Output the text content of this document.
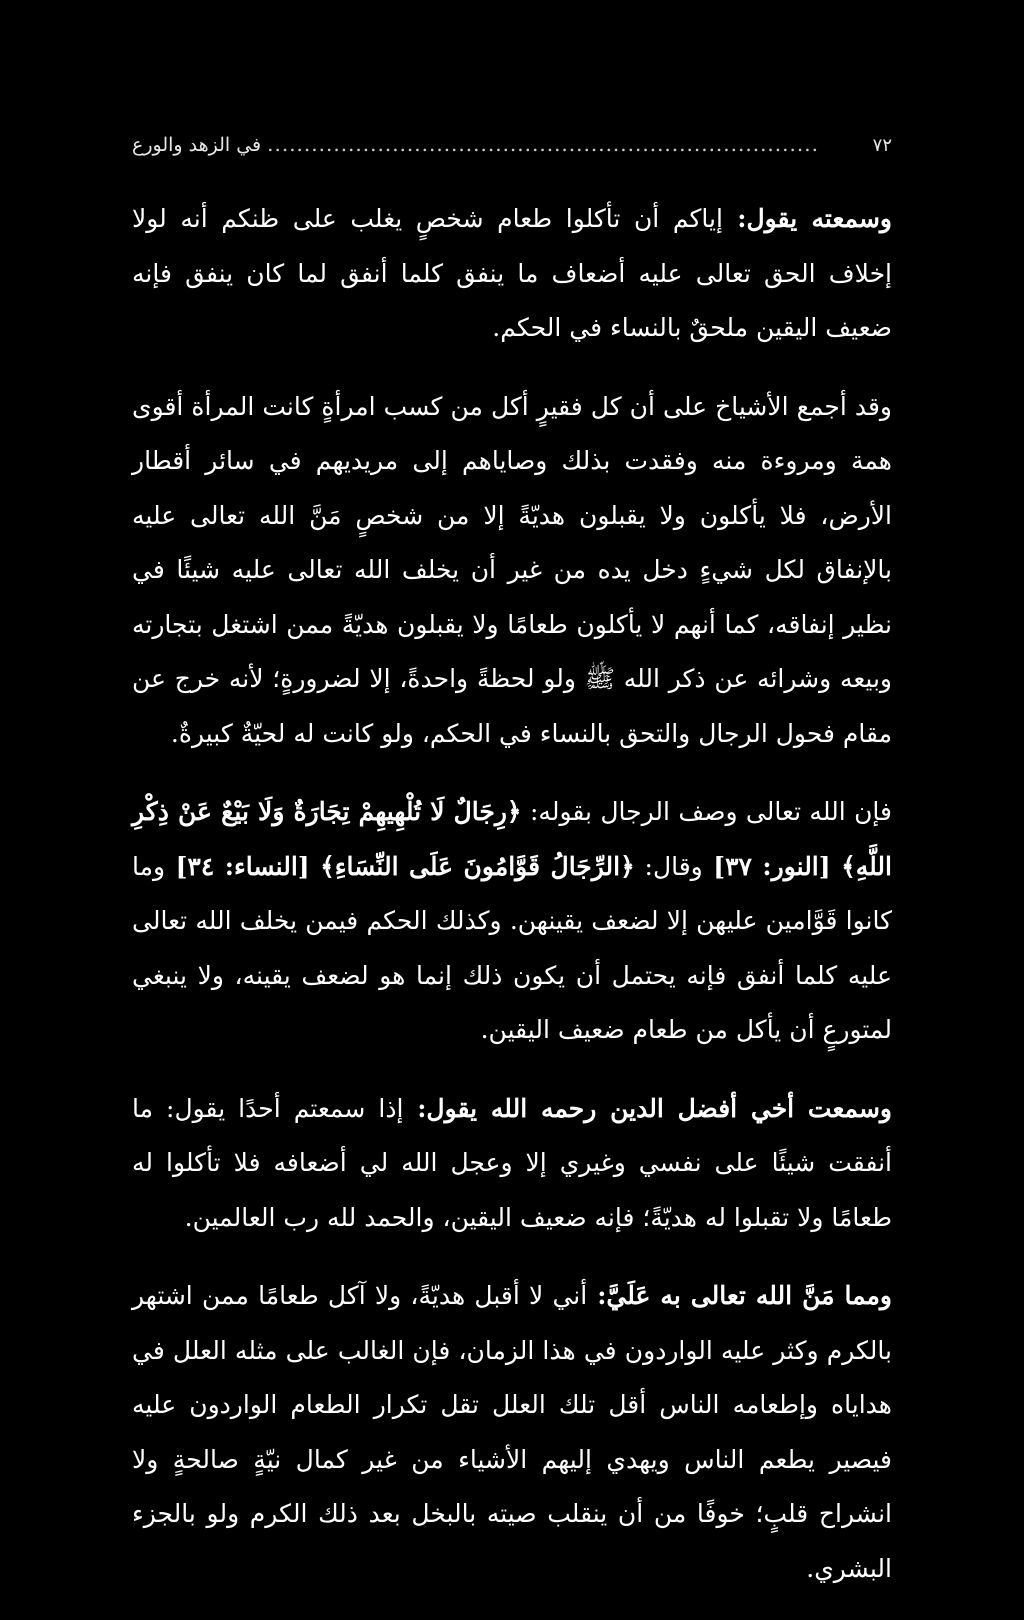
٧٢
...........................................................................
في الزهد والورع

وسمعته يقول: إياكم أن تأكلوا طعام شخصٍ يغلب على ظنكم أنه لولا إخلاف الحق تعالى عليه أضعاف ما ينفق كلما أنفق لما كان ينفق فإنه ضعيف اليقين ملحقٌ بالنساء في الحكم.

وقد أجمع الأشياخ على أن كل فقيرٍ أكل من كسب امرأةٍ كانت المرأة أقوى همة ومروءة منه وفقدت بذلك وصاياهم إلى مريديهم في سائر أقطار الأرض، فلا يأكلون ولا يقبلون هديّةً إلا من شخصٍ مَنَّ الله تعالى عليه بالإنفاق لكل شيءٍ دخل يده من غير أن يخلف الله تعالى عليه شيئًا في نظير إنفاقه، كما أنهم لا يأكلون طعامًا ولا يقبلون هديّةً ممن اشتغل بتجارته وبيعه وشرائه عن ذكر الله ﷺ ولو لحظةً واحدةً، إلا لضرورةٍ؛ لأنه خرج عن مقام فحول الرجال والتحق بالنساء في الحكم، ولو كانت له لحيّةٌ كبيرةٌ.

فإن الله تعالى وصف الرجال بقوله: ﴿رِجَالٌ لَا تُلْهِيهِمْ تِجَارَةٌ وَلَا بَيْعٌ عَنْ ذِكْرِ اللَّهِ﴾ [النور: ٣٧] وقال: ﴿الرِّجَالُ قَوَّامُونَ عَلَى النِّسَاءِ﴾ [النساء: ٣٤] وما كانوا قَوَّامين عليهن إلا لضعف يقينهن. وكذلك الحكم فيمن يخلف الله تعالى عليه كلما أنفق فإنه يحتمل أن يكون ذلك إنما هو لضعف يقينه، ولا ينبغي لمتورعٍ أن يأكل من طعام ضعيف اليقين.

وسمعت أخي أفضل الدين رحمه الله يقول: إذا سمعتم أحدًا يقول: ما أنفقت شيئًا على نفسي وغيري إلا وعجل الله لي أضعافه فلا تأكلوا له طعامًا ولا تقبلوا له هديّةً؛ فإنه ضعيف اليقين، والحمد لله رب العالمين.

ومما مَنَّ الله تعالى به عَلَيَّ: أني لا أقبل هديّةً، ولا آكل طعامًا ممن اشتهر بالكرم وكثر عليه الواردون في هذا الزمان، فإن الغالب على مثله العلل في هداياه وإطعامه الناس أقل تلك العلل تقل تكرار الطعام الواردون عليه فيصير يطعم الناس ويهدي إليهم الأشياء من غير كمال نيّةٍ صالحةٍ ولا انشراح قلبٍ؛ خوفًا من أن ينقلب صيته بالبخل بعد ذلك الكرم ولو بالجزء البشري.
